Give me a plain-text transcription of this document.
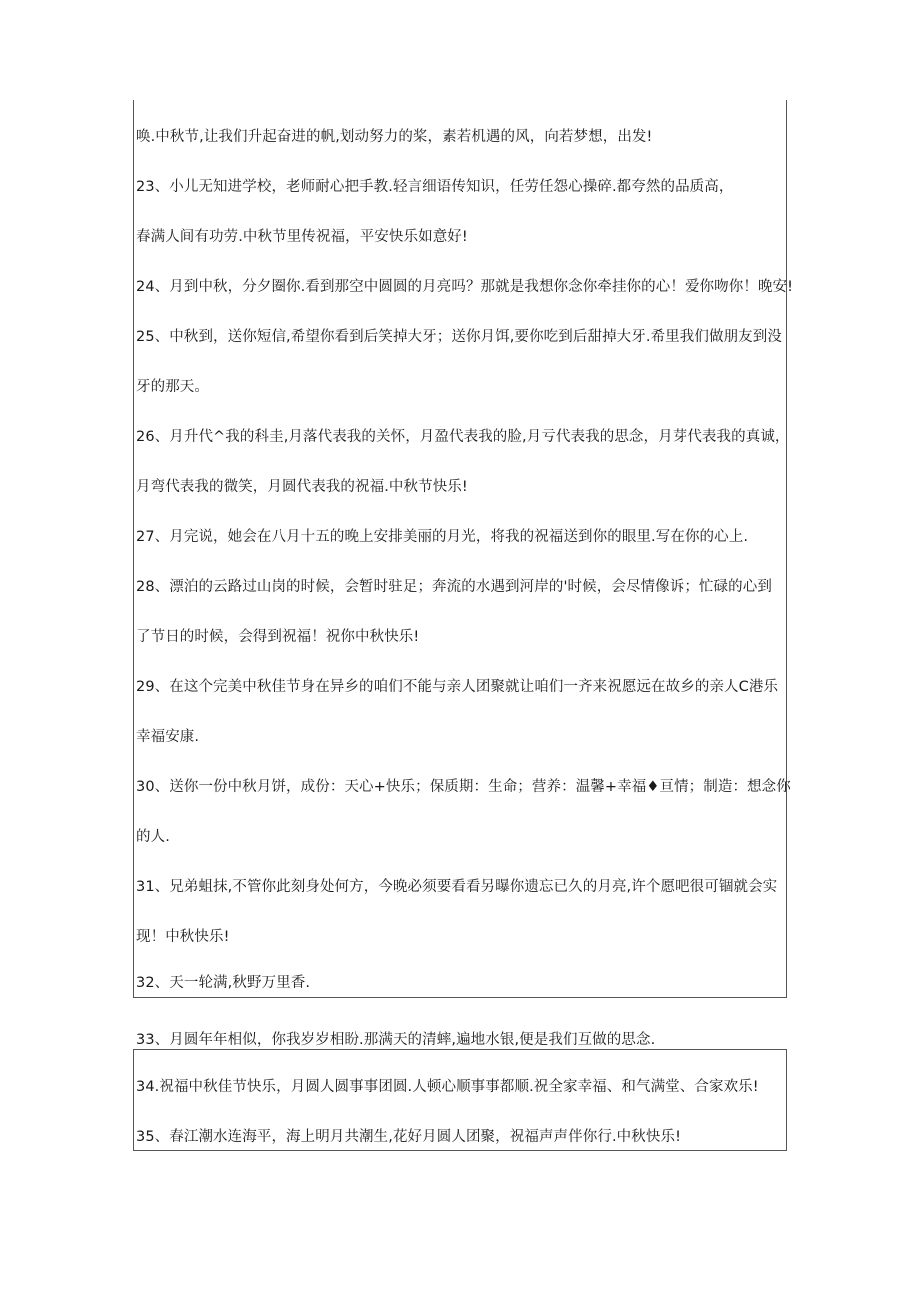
唤.中秋节,让我们升起奋进的帆,划动努力的桨，素若机遇的风，向若梦想，出发!
23、小儿无知进学校，老师耐心把手教.轻言细语传知识，任劳任怨心操碎.都夸然的品质高，
春满人间有功劳.中秋节里传祝福，平安快乐如意好!
24、月到中秋，分夕圈你.看到那空中圆圆的月亮吗？那就是我想你念你牵挂你的心！爱你吻你！晚安!
25、中秋到，送你短信,希望你看到后笑掉大牙；送你月饵,要你吃到后甜掉大牙.希里我们做朋友到没
牙的那天。
26、月升代^我的科圭,月落代表我的关怀，月盈代表我的脸,月亏代表我的思念，月芽代表我的真诚，
月弯代表我的微笑，月圆代表我的祝福.中秋节快乐!
27、月完说，她会在八月十五的晚上安排美丽的月光，将我的祝福送到你的眼里.写在你的心上.
28、漂泊的云路过山岗的时候，会暂时驻足；奔流的水遇到河岸的'时候，会尽情像诉；忙碌的心到
了节日的时候，会得到祝福！祝你中秋快乐!
29、在这个完美中秋佳节身在异乡的咱们不能与亲人团聚就让咱们一齐来祝愿远在故乡的亲人C港乐
幸福安康.
30、送你一份中秋月饼，成份：天心+快乐；保质期：生命；营养：温馨+幸福♦亘情；制造：想念你
的人.
31、兄弟蛆抹,不管你此刻身处何方，今晚必须要看看另曝你遗忘已久的月亮,许个愿吧很可锢就会实
现！中秋快乐!
32、天一轮满,秋野万里香.
33、月圆年年相似，你我岁岁相盼.那满天的清蟀,遍地水银,便是我们互做的思念.
34.祝福中秋佳节快乐，月圆人圆事事团圆.人顿心顺事事都顺.祝全家幸福、和气满堂、合家欢乐!
35、春江潮水连海平，海上明月共潮生,花好月圆人团聚，祝福声声伴你行.中秋快乐!
